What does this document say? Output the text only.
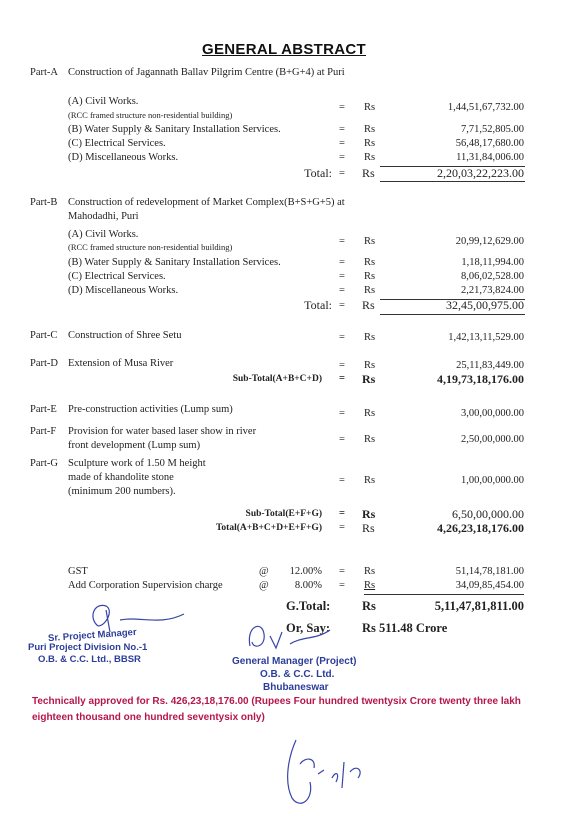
GENERAL ABSTRACT
Part-A Construction of Jagannath Ballav Pilgrim Centre (B+G+4) at Puri
(A) Civil Works.
(RCC framed structure non-residential building)
= Rs	1,44,51,67,732.00
(B) Water Supply & Sanitary Installation Services.	= Rs	7,71,52,805.00
(C) Electrical Services.	= Rs	56,48,17,680.00
(D) Miscellaneous Works.	= Rs	11,31,84,006.00
Total: = Rs	2,20,03,22,223.00
Part-B Construction of redevelopment of Market Complex(B+S+G+5) at
Mahodadhi, Puri
(A) Civil Works.
(RCC framed structure non-residential building)	= Rs	20,99,12,629.00
(B) Water Supply & Sanitary Installation Services.	= Rs	1,18,11,994.00
(C) Electrical Services.	= Rs	8,06,02,528.00
(D) Miscellaneous Works.	= Rs	2,21,73,824.00
Total: = Rs	32,45,00,975.00
Part-C Construction of Shree Setu	= Rs	1,42,13,11,529.00
Part-D Extension of Musa River	= Rs	25,11,83,449.00
Sub-Total(A+B+C+D) = Rs	4,19,73,18,176.00
Part-E Pre-construction activities (Lump sum)	= Rs	3,00,00,000.00
Part-F Provision for water based laser show in river
front development (Lump sum)
= Rs	2,50,00,000.00
Part-G Sculpture work of 1.50 M height
made of khandolite stone
(minimum 200 numbers).
= Rs	1,00,00,000.00
Sub-Total(E+F+G) = Rs	6,50,00,000.00
Total(A+B+C+D+E+F+G) = Rs	4,26,23,18,176.00
GST	@ 12.00% = Rs	51,14,78,181.00
Add Corporation Supervision charge	@ 8.00% = Rs	34,09,85,454.00
G.Total:	Rs	5,11,47,81,811.00
Or, Say:	Rs 511.48 Crore
Sr. Project Manager
Puri Project Division No.-1
O.B. & C.C. Ltd., BBSR	General Manager (Project)
O.B. & C.C. Ltd.
Bhubaneswar
Technically approved for Rs. 426,23,18,176.00 (Rupees Four hundred twentysix Crore twenty three lakh
eighteen thousand one hundred seventysix only)
